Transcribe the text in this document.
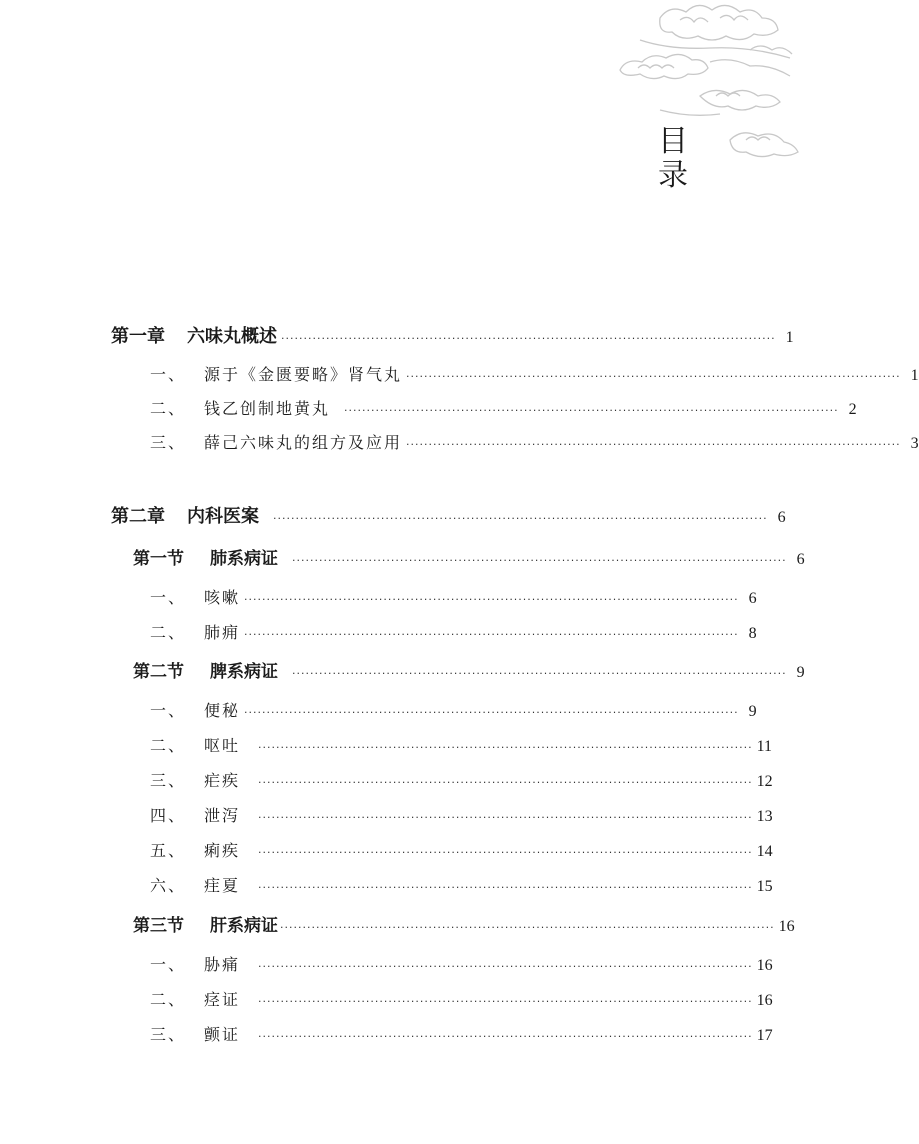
目
录
第一章 六味丸概述 ·············································································································· 1
一、 源于《金匮要略》肾气丸 ·············································································································· 1
二、 钱乙创制地黄丸 ·············································································································· 2
三、 薛己六味丸的组方及应用 ·············································································································· 3
第二章 内科医案 ·············································································································· 6
第一节 肺系病证 ·············································································································· 6
一、 咳嗽 ·············································································································· 6
二、 肺痈 ·············································································································· 8
第二节 脾系病证 ·············································································································· 9
一、 便秘 ·············································································································· 9
二、 呕吐 ·············································································································· 11
三、 疟疾 ·············································································································· 12
四、 泄泻 ·············································································································· 13
五、 痢疾 ·············································································································· 14
六、 疰夏 ·············································································································· 15
第三节 肝系病证 ·············································································································· 16
一、 胁痛 ·············································································································· 16
二、 痉证 ·············································································································· 16
三、 颤证 ·············································································································· 17
